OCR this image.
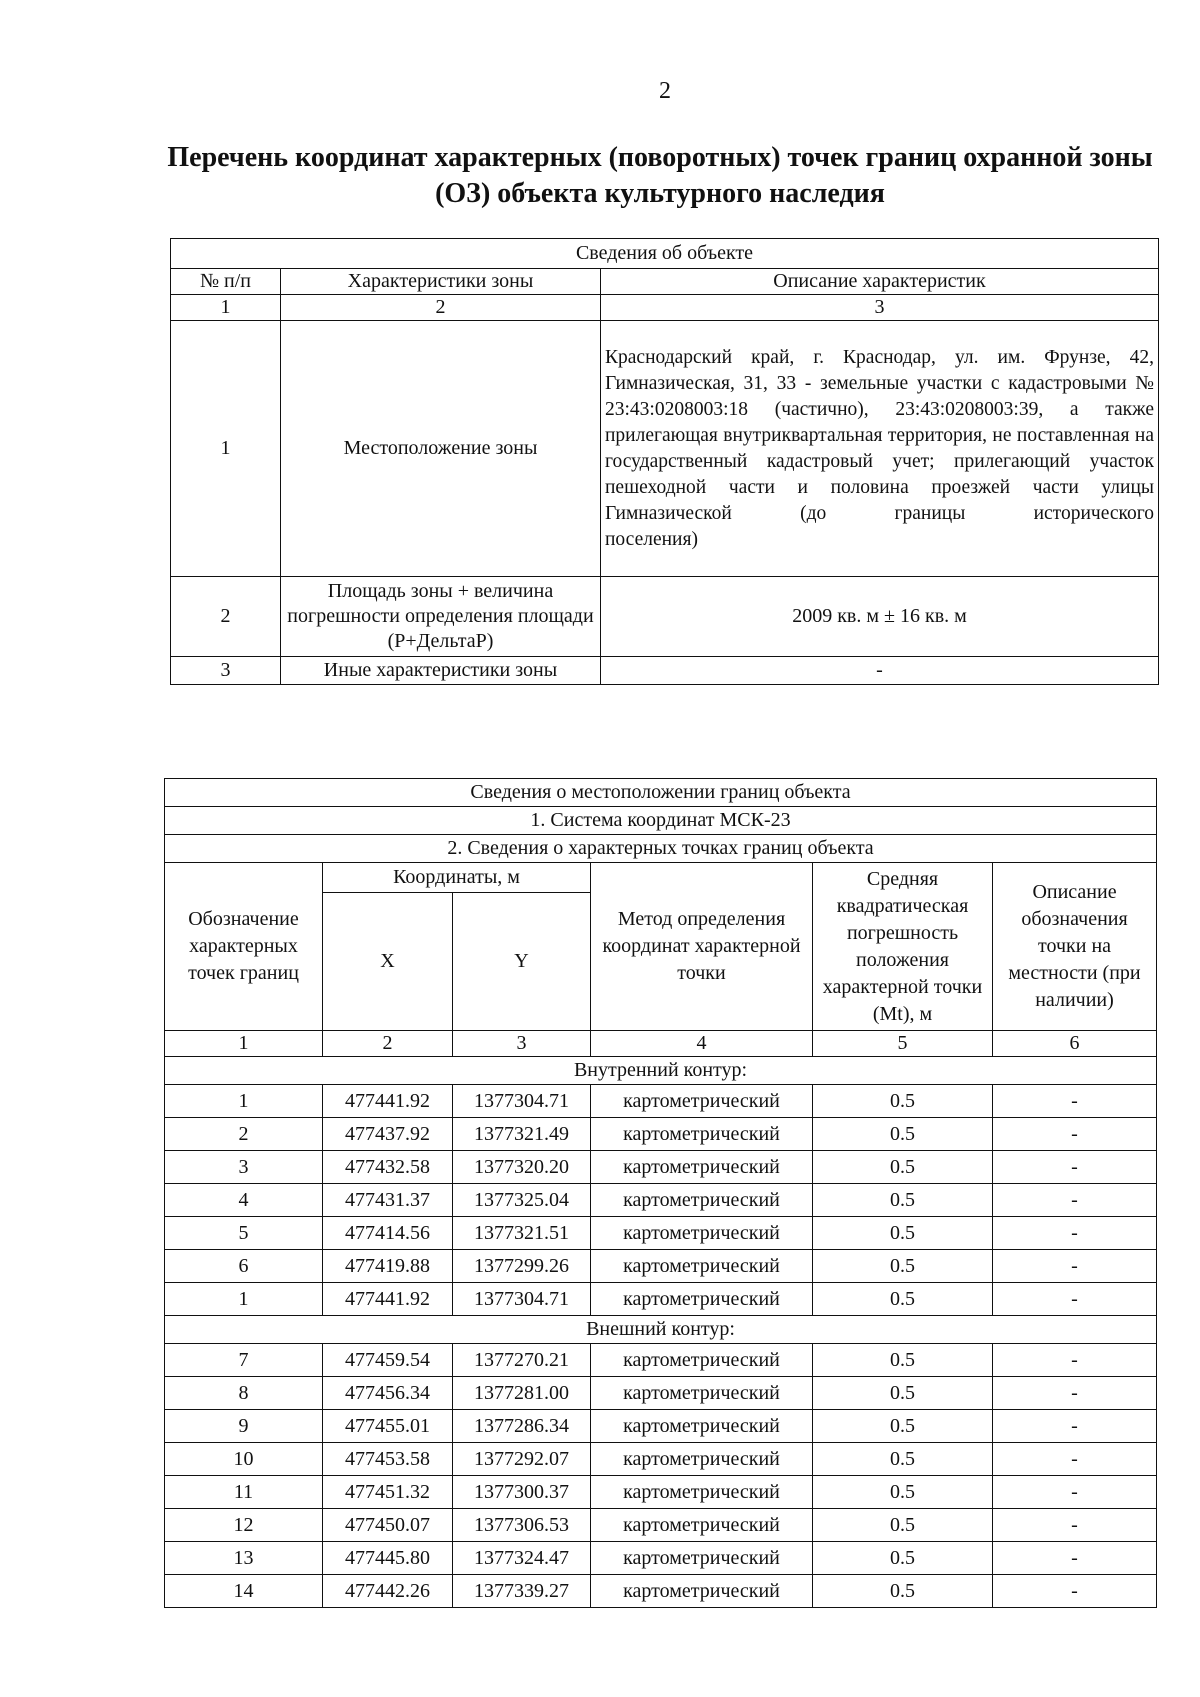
2
Перечень координат характерных (поворотных) точек границ охранной зоны (ОЗ) объекта культурного наследия
Сведения об объекте		
№ п/п	Характеристики зоны	Описание характеристик
1	2	3
1	Местоположение зоны	Краснодарский край, г. Краснодар, ул. им. Фрунзе, 42, Гимназическая, 31, 33 - земельные участки с кадастровыми № 23:43:0208003:18 (частично), 23:43:0208003:39, а также прилегающая внутриквартальная территория, не поставленная на государственный кадастровый учет; прилегающий участок пешеходной части и половина проезжей части улицы Гимназической (до границы исторического
поселения)

2	Площадь зоны + величина погрешности определения площади (Р+ДельтаР)	2009 кв. м ± 16 кв. м
3	Иные характеристики зоны	-
Сведения о местоположении границ объекта					
1. Система координат МСК-23					
2. Сведения о характерных точках границ объекта					
Обозначение характерных точек границ	Координаты, м		Метод определения координат характерной точки	Средняя квадратическая погрешность положения характерной точки (Mt), м	Описание обозначения точки на местности (при наличии)
	X	Y			
1	2	3	4	5	6
Внутренний контур:					
1	477441.92	1377304.71	картометрический	0.5	-
2	477437.92	1377321.49	картометрический	0.5	-
3	477432.58	1377320.20	картометрический	0.5	-
4	477431.37	1377325.04	картометрический	0.5	-
5	477414.56	1377321.51	картометрический	0.5	-
6	477419.88	1377299.26	картометрический	0.5	-
1	477441.92	1377304.71	картометрический	0.5	-
Внешний контур:					
7	477459.54	1377270.21	картометрический	0.5	-
8	477456.34	1377281.00	картометрический	0.5	-
9	477455.01	1377286.34	картометрический	0.5	-
10	477453.58	1377292.07	картометрический	0.5	-
11	477451.32	1377300.37	картометрический	0.5	-
12	477450.07	1377306.53	картометрический	0.5	-
13	477445.80	1377324.47	картометрический	0.5	-
14	477442.26	1377339.27	картометрический	0.5	-
